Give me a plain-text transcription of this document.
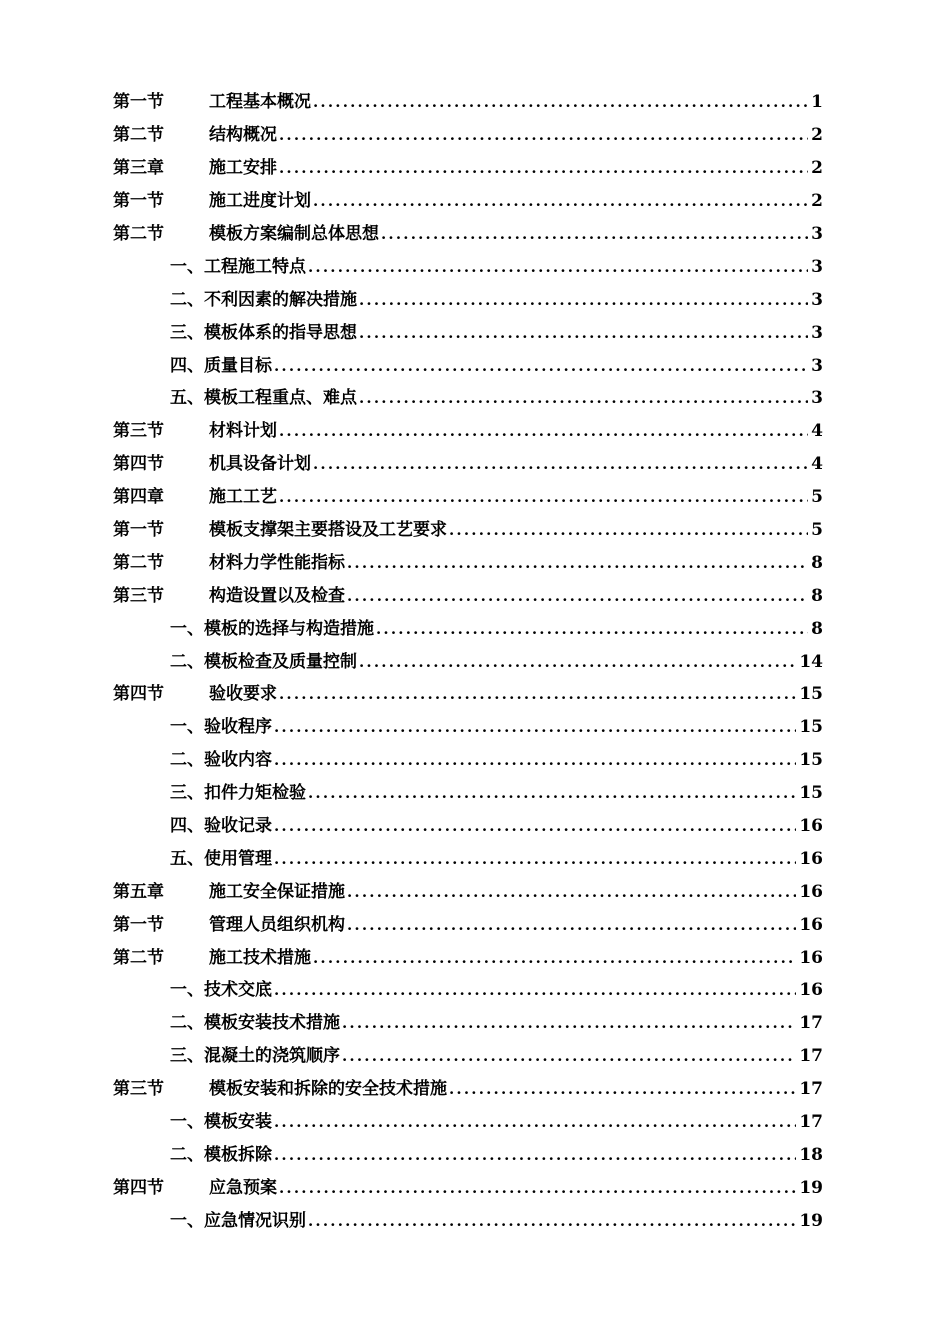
第一节	工程基本概况 .....	1
第二节	结构概况 .....	2
第三章	施工安排 .....	2
第一节	施工进度计划 .....	2
第二节	模板方案编制总体思想 .....	3
一、工程施工特点 .....	3
二、不利因素的解决措施 .....	3
三、模板体系的指导思想 .....	3
四、质量目标 .....	3
五、模板工程重点、难点 .....	3
第三节	材料计划 .....	4
第四节	机具设备计划 .....	4
第四章	施工工艺 .....	5
第一节	模板支撑架主要搭设及工艺要求 .....	5
第二节	材料力学性能指标 .....	8
第三节	构造设置以及检查 .....	8
一、模板的选择与构造措施 .....	8
二、模板检查及质量控制 .....	14
第四节	验收要求 .....	15
一、验收程序 .....	15
二、验收内容 .....	15
三、扣件力矩检验 .....	15
四、验收记录 .....	16
五、使用管理 .....	16
第五章	施工安全保证措施 .....	16
第一节	管理人员组织机构 .....	16
第二节	施工技术措施 .....	16
一、技术交底 .....	16
二、模板安装技术措施 .....	17
三、混凝土的浇筑顺序 .....	17
第三节	模板安装和拆除的安全技术措施 .....	17
一、模板安装 .....	17
二、模板拆除 .....	18
第四节	应急预案 .....	19
一、应急情况识别 .....	19
